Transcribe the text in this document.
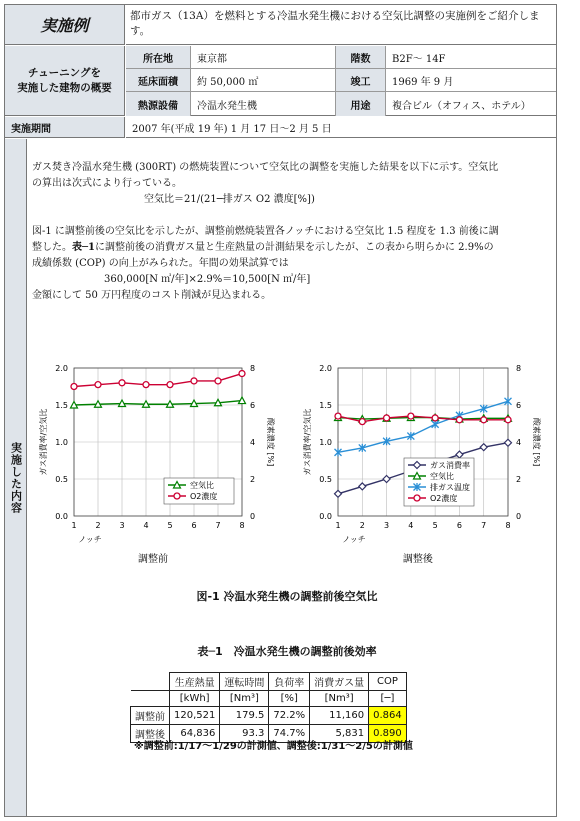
実施例	都市ガス（13A）を燃料とする冷温水発生機における空気比調整の実施例をご紹介します。
チューニングを
実施した建物の概要
所在地	東京都	階数	B2F～ 14F
延床面積	約 50,000 ㎡	竣工	1969 年 9 月
熱源設備	冷温水発生機	用途	複合ビル（オフィス、ホテル）
実施期間	2007 年(平成 19 年) 1 月 17 日～2 月 5 日
実施した内容

ガス焚き冷温水発生機 (300RT) の燃焼装置について空気比の調整を実施した結果を以下に示す。空気比

の算出は次式により行っている。

空気比＝21/(21─排ガス O2 濃度[%])

図-1 に調整前後の空気比を示したが、調整前燃焼装置各ノッチにおける空気比 1.5 程度を 1.3 前後に調

整した。表─1に調整前後の消費ガス量と生産熱量の計測結果を示したが、この表から明らかに 2.9%の

成績係数 (COP) の向上がみられた。年間の効果試算では

360,000[N ㎥/年]×2.9%＝10,500[N ㎥/年]

金額にして 50 万円程度のコスト削減が見込まれる。

0.0	0
0.5	2
1.0	4
1.5	6
2.0	8
1 2 3 4 5 6 7 8
ノッチ
ガス消費率/空気比	酸素濃度 [%]
調整前
空気比
O2濃度
0.0	0
0.5	2
1.0	4
1.5	6
2.0	8
1 2 3 4 5 6 7 8
ノッチ
ガス消費率/空気比	酸素濃度 [%]
調整後
ガス消費率
空気比
排ガス温度
O2濃度
図-1 冷温水発生機の調整前後空気比
表─1　冷温水発生機の調整前後効率
	生産熱量	運転時間	負荷率	消費ガス量	COP
	[kWh]	[Nm³]	[%]	[Nm³]	[─]
調整前	120,521	179.5	72.2%	11,160	0.864
調整後	64,836	93.3	74.7%	5,831	0.890
※調整前:1/17～1/29の計測値、調整後:1/31～2/5の計測値
